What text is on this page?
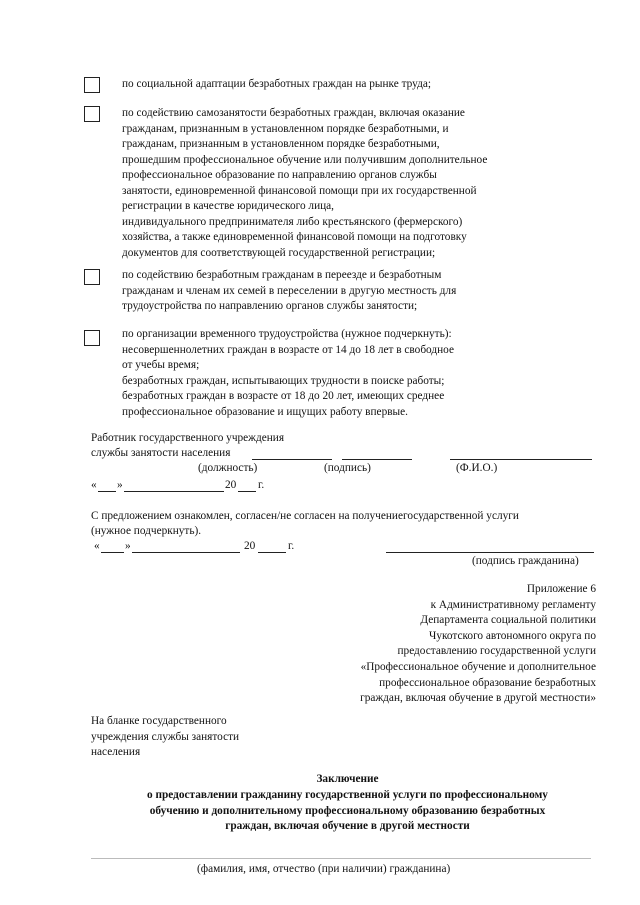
по социальной адаптации безработных граждан на рынке труда;
по содействию самозанятости безработных граждан, включая оказание
гражданам, признанным в установленном порядке безработными, и
гражданам, признанным в установленном порядке безработными,
прошедшим профессиональное обучение или получившим дополнительное
профессиональное образование по направлению органов службы
занятости, единовременной финансовой помощи при их государственной
регистрации в качестве юридического лица,
индивидуального предпринимателя либо крестьянского (фермерского)
хозяйства, а также единовременной финансовой помощи на подготовку
документов для соответствующей государственной регистрации;
по содействию безработным гражданам в переезде и безработным
гражданам и членам их семей в переселении в другую местность для
трудоустройства по направлению органов службы занятости;
по организации временного трудоустройства (нужное подчеркнуть):
несовершеннолетних граждан в возрасте от 14 до 18 лет в свободное
от учебы время;
безработных граждан, испытывающих трудности в поиске работы;
безработных граждан в возрасте от 18 до 20 лет, имеющих среднее
профессиональное образование и ищущих работу впервые.
Работник государственного учреждения
службы занятости населения
(должность)	(подпись)	(Ф.И.О.)
« »	20 г.
С предложением ознакомлен, согласен/не согласен на получениегосударственной услуги
(нужное подчеркнуть).
« »	20	г.
(подпись гражданина)
Приложение 6
к Административному регламенту
Департамента социальной политики
Чукотского автономного округа по
предоставлению государственной услуги
«Профессиональное обучение и дополнительное
профессиональное образование безработных
граждан, включая обучение в другой местности»
На бланке государственного
учреждения службы занятости
населения
Заключение
о предоставлении гражданину государственной услуги по профессиональному
обучению и дополнительному профессиональному образованию безработных
граждан, включая обучение в другой местности
(фамилия, имя, отчество (при наличии) гражданина)
